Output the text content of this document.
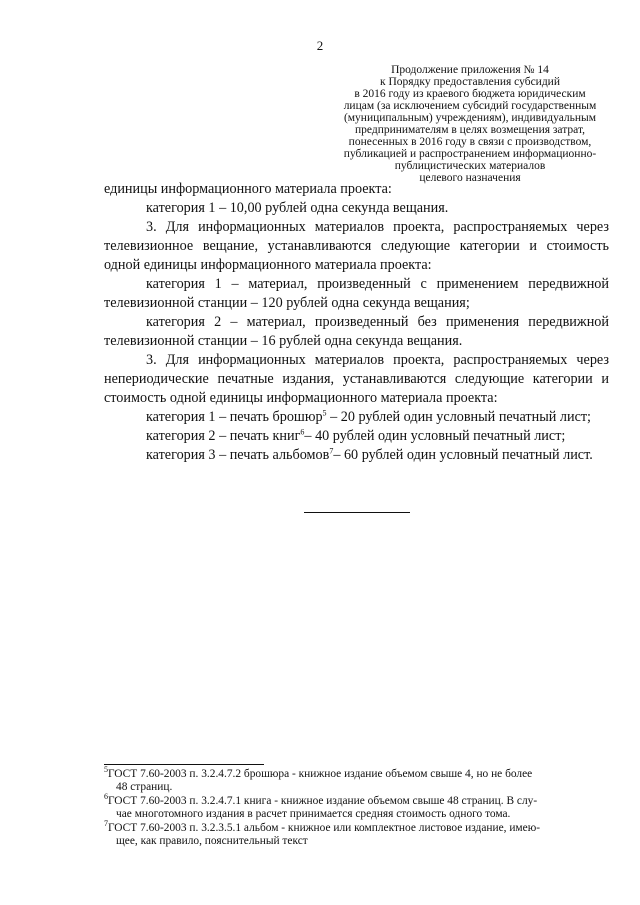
2
Продолжение приложения № 14
к Порядку предоставления субсидий
в 2016 году из краевого бюджета юридическим
лицам (за исключением субсидий государственным
(муниципальным) учреждениям), индивидуальным
предпринимателям в целях возмещения затрат,
понесенных в 2016 году в связи с производством,
публикацией и распространением информационно-
публицистических материалов
целевого назначения

единицы информационного материала проекта:

категория 1 – 10,00 рублей одна секунда вещания.

3. Для информационных материалов проекта, распространяемых через телевизионное вещание, устанавливаются следующие категории и стоимость одной единицы информационного материала проекта:

категория 1 – материал, произведенный с применением передвижной телевизионной станции – 120 рублей одна секунда вещания;

категория 2 – материал, произведенный без применения передвижной телевизионной станции – 16 рублей одна секунда вещания.

3. Для информационных материалов проекта, распространяемых через непериодические печатные издания, устанавливаются следующие категории и стоимость одной единицы информационного материала проекта:

категория 1 – печать брошюр$^5$ – 20 рублей один условный печатный лист;

категория 2 – печать книг$^6$– 40 рублей один условный печатный лист;

категория 3 – печать альбомов$^7$– 60 рублей один условный печатный лист.

$^5$ГОСТ 7.60-2003 п. 3.2.4.7.2 брошюра - книжное издание объемом свыше 4, но не более
48 страниц.
$^6$ГОСТ 7.60-2003 п. 3.2.4.7.1 книга - книжное издание объемом свыше 48 страниц. В слу-
чае многотомного издания в расчет принимается средняя стоимость одного тома.
$^7$ГОСТ 7.60-2003 п. 3.2.3.5.1 альбом - книжное или комплектное листовое издание, имею-
щее, как правило, пояснительный текст
